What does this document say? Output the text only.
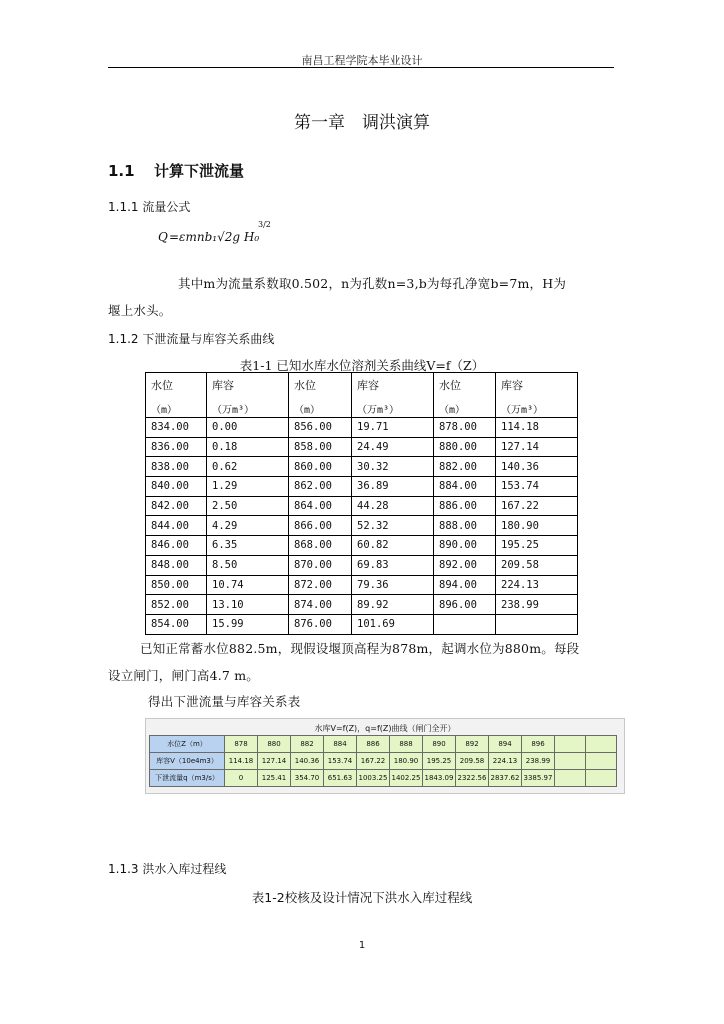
南昌工程学院本毕业设计
第一章　调洪演算
1.1 计算下泄流量
1.1.1 流量公式
Q =εmnb₁√2g H₀
3/2
其中m为流量系数取0.502，n为孔数n=3,b为每孔净宽b=7m，H为
堰上水头。
1.1.2 下泄流量与库容关系曲线
表1-1 已知水库水位溶剂关系曲线V=f（Z）
水位	库容	水位	库容	水位	库容
（m）	（万m³）	（m）	（万m³）	（m）	（万m³）
834.00	0.00	856.00	19.71	878.00	114.18
836.00	0.18	858.00	24.49	880.00	127.14
838.00	0.62	860.00	30.32	882.00	140.36
840.00	1.29	862.00	36.89	884.00	153.74
842.00	2.50	864.00	44.28	886.00	167.22
844.00	4.29	866.00	52.32	888.00	180.90
846.00	6.35	868.00	60.82	890.00	195.25
848.00	8.50	870.00	69.83	892.00	209.58
850.00	10.74	872.00	79.36	894.00	224.13
852.00	13.10	874.00	89.92	896.00	238.99
854.00	15.99	876.00	101.69		
已知正常蓄水位882.5m，现假设堰顶高程为878m，起调水位为880m。每段
设立闸门，闸门高4.7 m。
得出下泄流量与库容关系表
水库V=f(Z)，q=f(Z)曲线（闸门全开）
水位Z（m）	878	880	882	884	886	888	890	892	894	896		
库容V（10e4m3）	114.18	127.14	140.36	153.74	167.22	180.90	195.25	209.58	224.13	238.99		
下泄流量q（m3/s）	0	125.41	354.70	651.63	1003.25	1402.25	1843.09	2322.56	2837.62	3385.97		
1.1.3 洪水入库过程线
表1-2校核及设计情况下洪水入库过程线
1
